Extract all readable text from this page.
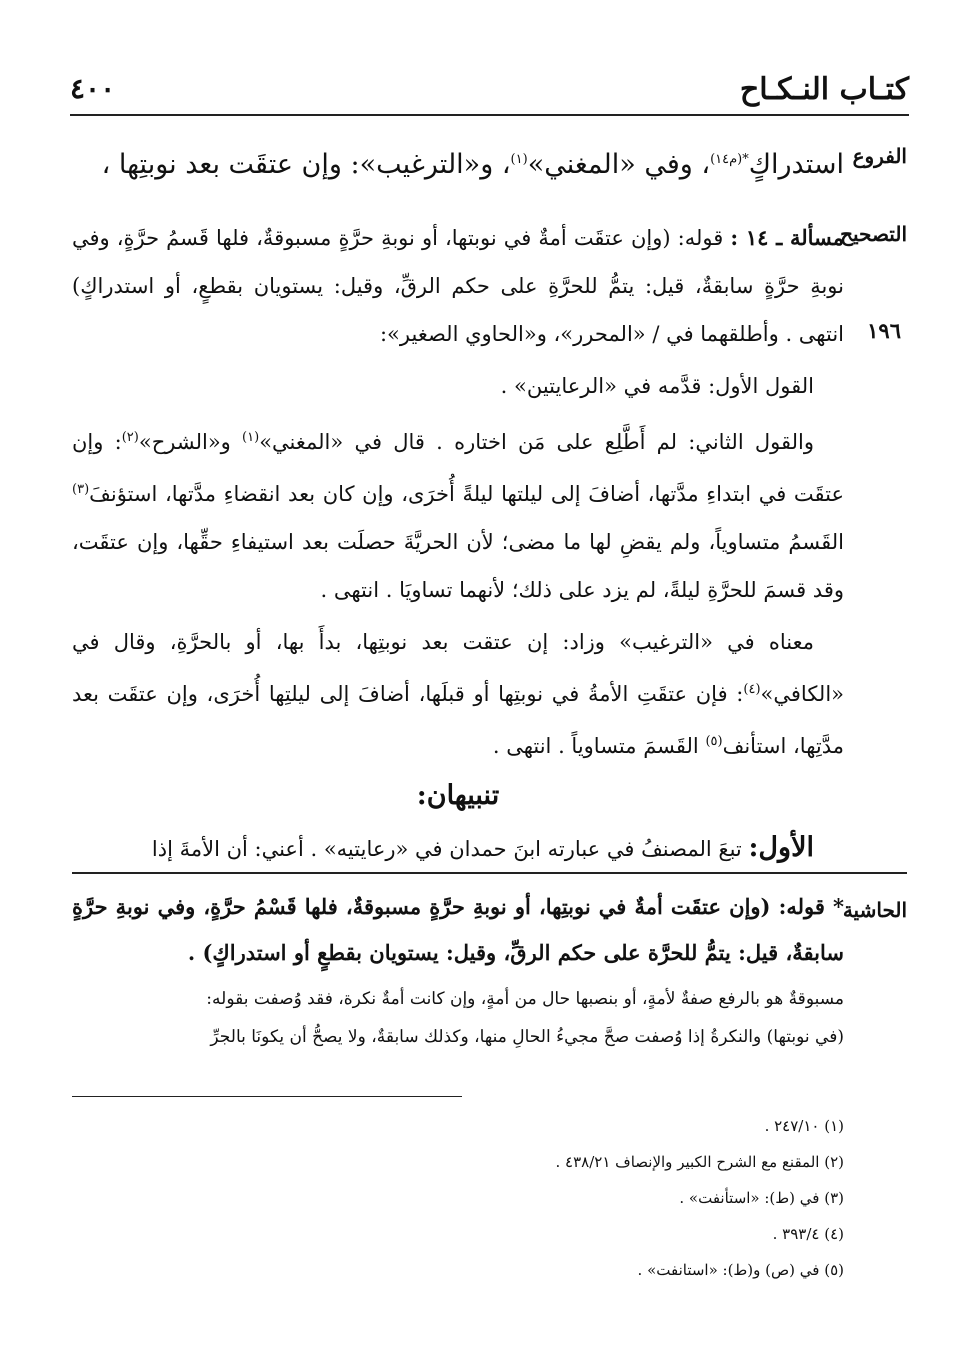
كتـاب النـكـاح
٤٠٠
الفروع
استدراكٍ$^{*(م١٤)}$، وفي «المغني»$^{(١)}$، و«الترغيب»: وإن عتقَت بعد نوبتِها ،
التصحيح
١٩٦

مسألة ـ ١٤ : قوله: (وإن عتقَت أمةٌ في نوبتها، أو نوبةِ حرَّةٍ مسبوقةٌ، فلها قَسمُ حرَّةٍ، وفي نوبةِ حرَّةٍ سابقةٌ، قيل: يتمُّ للحرَّةِ على حكم الرقِّ، وقيل: يستويان بقطعٍ، أو استدراكٍ) انتهى . وأطلقهما في / «المحرر»، و«الحاوي الصغير»:

القول الأول: قدَّمه في «الرعايتين» .

والقول الثاني: لم أَطَّلِع على مَن اختاره . قال في «المغني»$^{(١)}$ و«الشرح»$^{(٢)}$: وإن عتقَت في ابتداءِ مدَّتها، أضافَ إلى ليلتها ليلةً أُخرَى، وإن كان بعد انقضاءِ مدَّتها، استؤنفَ$^{(٣)}$ القَسمُ متساوياً، ولم يقضِ لها ما مضى؛ لأن الحريَّةَ حصلَت بعد استيفاءِ حقِّها، وإن عتقَت، وقد قسمَ للحرَّةِ ليلةً، لم يزد على ذلك؛ لأنهما تساويَا . انتهى .

معناه في «الترغيب» وزاد: إن عتقت بعد نوبتِها، بدأَ بها، أو بالحرَّةِ، وقال في «الكافي»$^{(٤)}$: فإن عتقَتِ الأمةُ في نوبتِها أو قبلَها، أضافَ إلى ليلتِها أُخرَى، وإن عتقَت بعد مدَّتِها، استأنف$^{(٥)}$ القَسمَ متساوياً . انتهى .

تنبيهان:

الأول: تبعَ المصنفُ في عبارته ابنَ حمدان في «رعايتيه» . أعني: أن الأمةَ إذا

الحاشية

* قوله: (وإن عتقَت أمةٌ في نوبتِها، أو نوبةِ حرَّةٍ مسبوقةٌ، فلها قَسْمُ حرَّةٍ، وفي نوبةِ حرَّةٍ سابقةٌ، قيل: يتمُّ للحرَّة على حكم الرقِّ، وقيل: يستويان بقطعٍ أو استدراكٍ) .

مسبوقةٌ هو بالرفع صفةٌ لأمةٍ، أو بنصبها حال من أمةٍ، وإن كانت أمةٌ نكرة، فقد وُصفت بقوله:
(في نوبتها) والنكرةُ إذا وُصفت صحَّ مجيءُ الحالِ منها، وكذلك سابقةٌ، ولا يصحُّ أن يكونَا بالجرِّ
(١) ٢٤٧/١٠ .
(٢) المقنع مع الشرح الكبير والإنصاف ٤٣٨/٢١ .
(٣) في (ط): «استأنفت» .
(٤) ٣٩٣/٤ .
(٥) في (ص) و(ط): «استانفت» .
